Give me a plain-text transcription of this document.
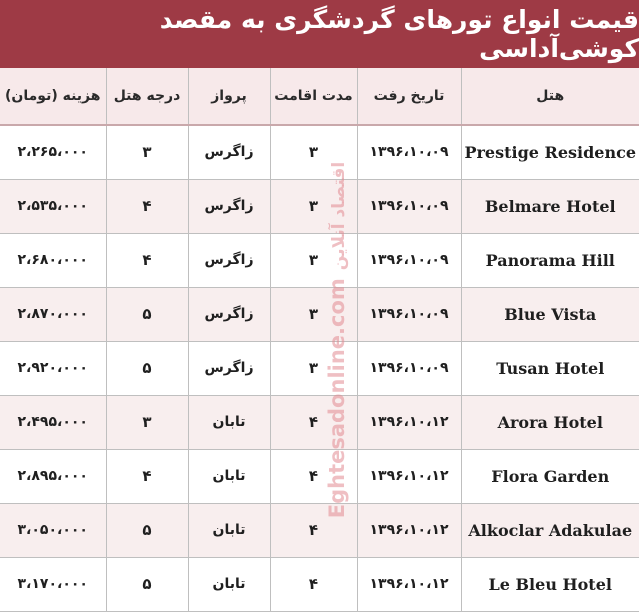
قیمت انواع تورهای گردشگری به مقصد کوشی‌آداسی
هزینه (تومان)	درجه هتل	پرواز	مدت اقامت	تاریخ رفت	هتل
۲،۲۶۵،۰۰۰	۳	زاگرس	۳	۱۳۹۶،۱۰،۰۹	Prestige Residence
۲،۵۳۵،۰۰۰	۴	زاگرس	۳	۱۳۹۶،۱۰،۰۹	Belmare Hotel
۲،۶۸۰،۰۰۰	۴	زاگرس	۳	۱۳۹۶،۱۰،۰۹	Panorama Hill
۲،۸۷۰،۰۰۰	۵	زاگرس	۳	۱۳۹۶،۱۰،۰۹	Blue Vista
۲،۹۲۰،۰۰۰	۵	زاگرس	۳	۱۳۹۶،۱۰،۰۹	Tusan Hotel
۲،۴۹۵،۰۰۰	۳	تابان	۴	۱۳۹۶،۱۰،۱۲	Arora Hotel
۲،۸۹۵،۰۰۰	۴	تابان	۴	۱۳۹۶،۱۰،۱۲	Flora Garden
۳،۰۵۰،۰۰۰	۵	تابان	۴	۱۳۹۶،۱۰،۱۲	Alkoclar Adakulae
۳،۱۷۰،۰۰۰	۵	تابان	۴	۱۳۹۶،۱۰،۱۲	Le Bleu Hotel
Eghtesadonline.comاقتصاد آنلاین
